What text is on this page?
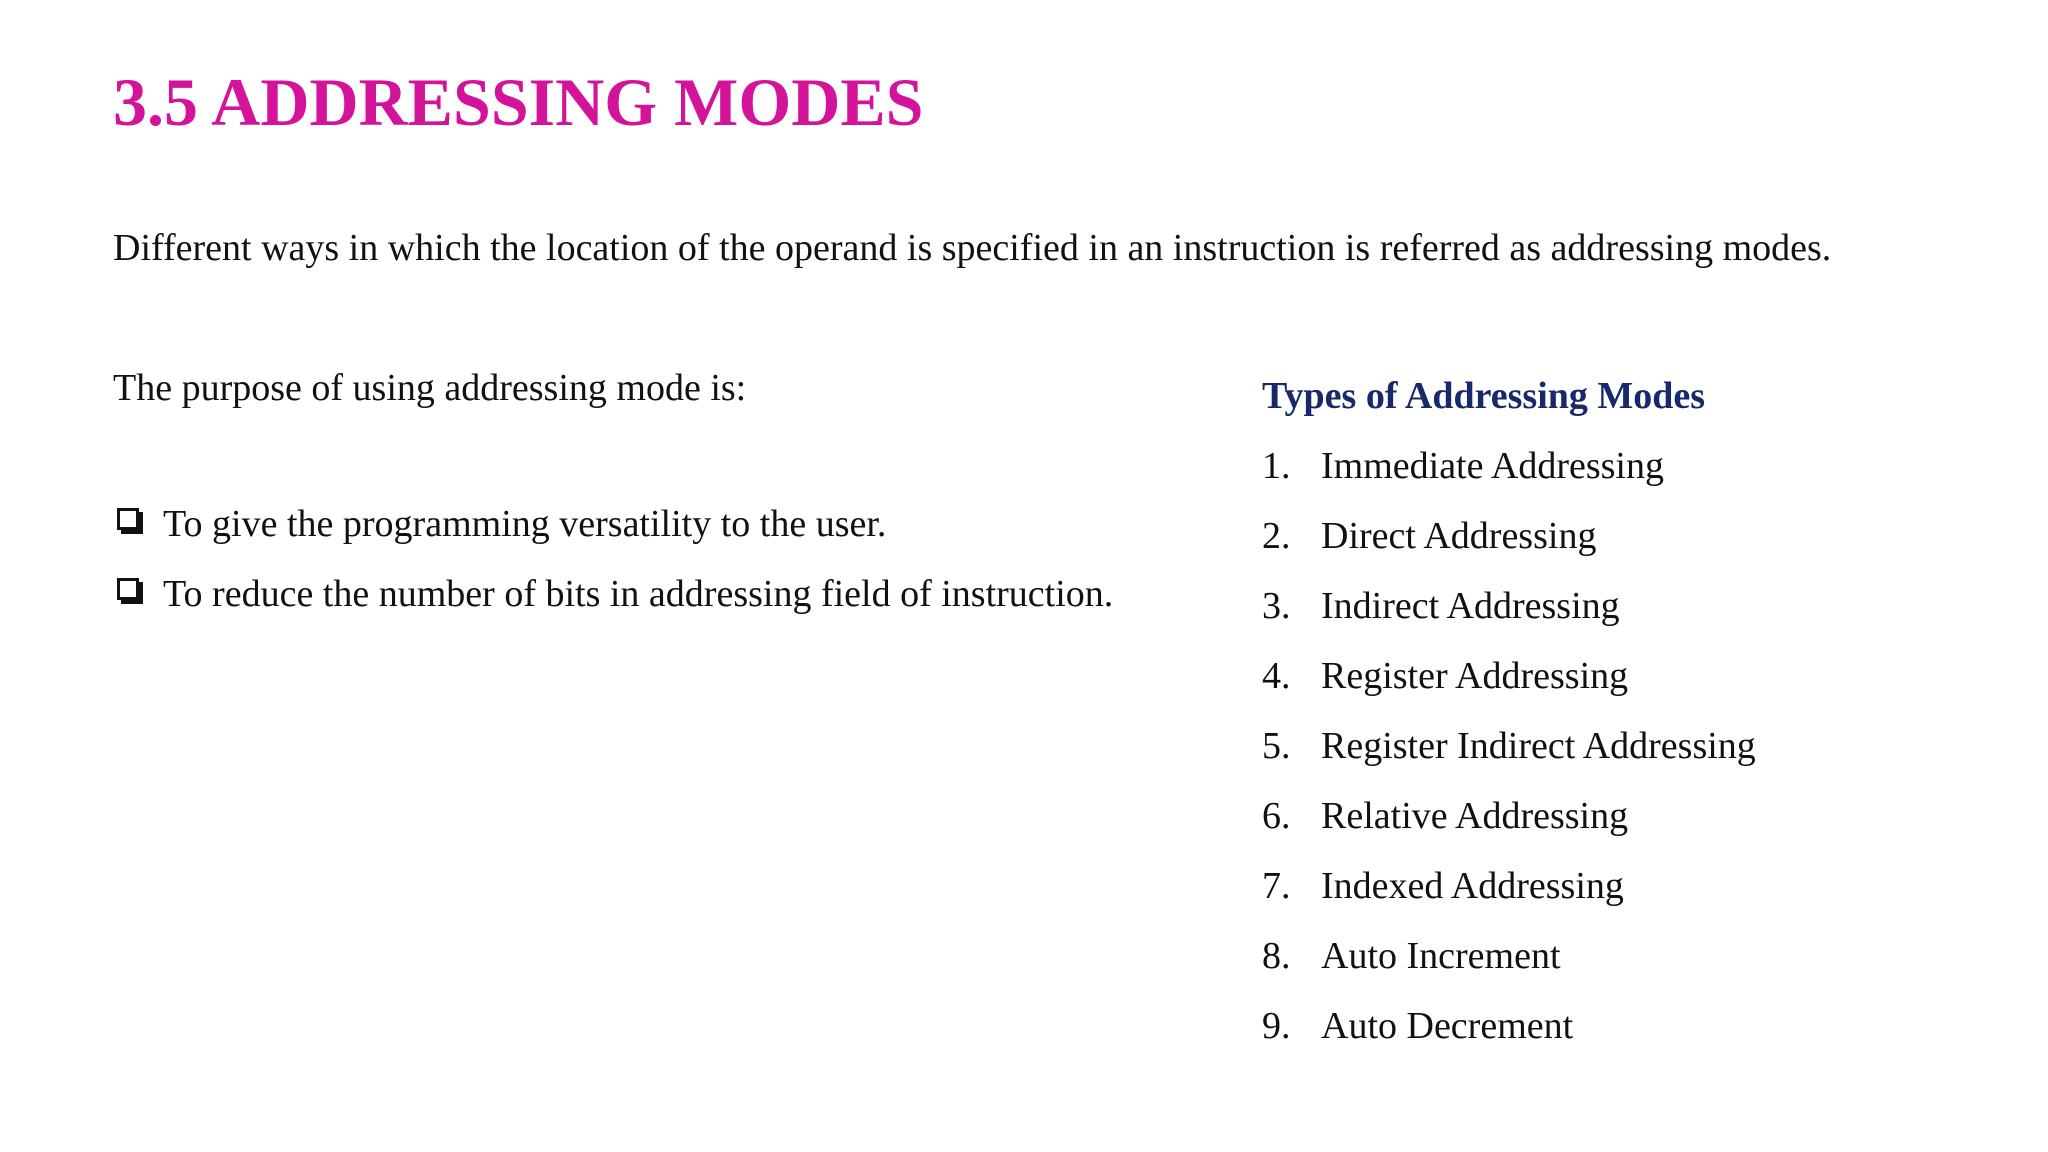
3.5 ADDRESSING MODES

Different ways in which the location of the operand is specified in an instruction is referred as addressing modes.

The purpose of using addressing mode is:

To give the programming versatility to the user.
To reduce the number of bits in addressing field of instruction.
Types of Addressing Modes
1. Immediate Addressing
2. Direct Addressing
3. Indirect Addressing
4. Register Addressing
5. Register Indirect Addressing
6. Relative Addressing
7. Indexed Addressing
8. Auto Increment
9. Auto Decrement
